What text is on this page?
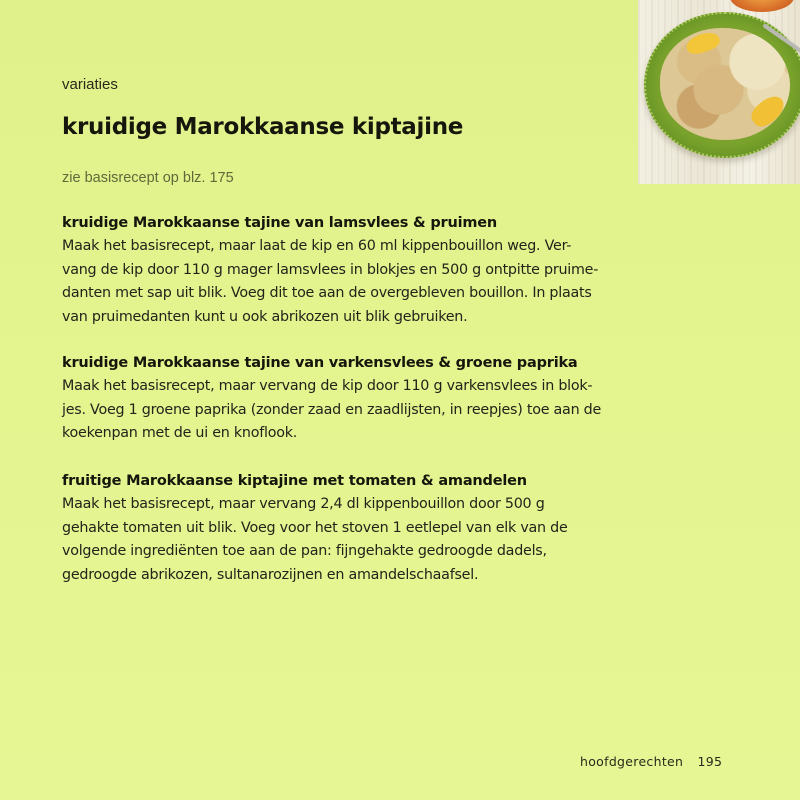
variaties
kruidige Marokkaanse kiptajine
zie basisrecept op blz. 175
kruidige Marokkaanse tajine van lamsvlees & pruimen
Maak het basisrecept, maar laat de kip en 60 ml kippenbouillon weg. Ver-
vang de kip door 110 g mager lamsvlees in blokjes en 500 g ontpitte pruime-
danten met sap uit blik. Voeg dit toe aan de overgebleven bouillon. In plaats
van pruimedanten kunt u ook abrikozen uit blik gebruiken.
kruidige Marokkaanse tajine van varkensvlees & groene paprika
Maak het basisrecept, maar vervang de kip door 110 g varkensvlees in blok-
jes. Voeg 1 groene paprika (zonder zaad en zaadlijsten, in reepjes) toe aan de
koekenpan met de ui en knoflook.
fruitige Marokkaanse kiptajine met tomaten & amandelen
Maak het basisrecept, maar vervang 2,4 dl kippenbouillon door 500 g
gehakte tomaten uit blik. Voeg voor het stoven 1 eetlepel van elk van de
volgende ingrediënten toe aan de pan: fijngehakte gedroogde dadels,
gedroogde abrikozen, sultanarozijnen en amandelschaafsel.
hoofdgerechten 195
